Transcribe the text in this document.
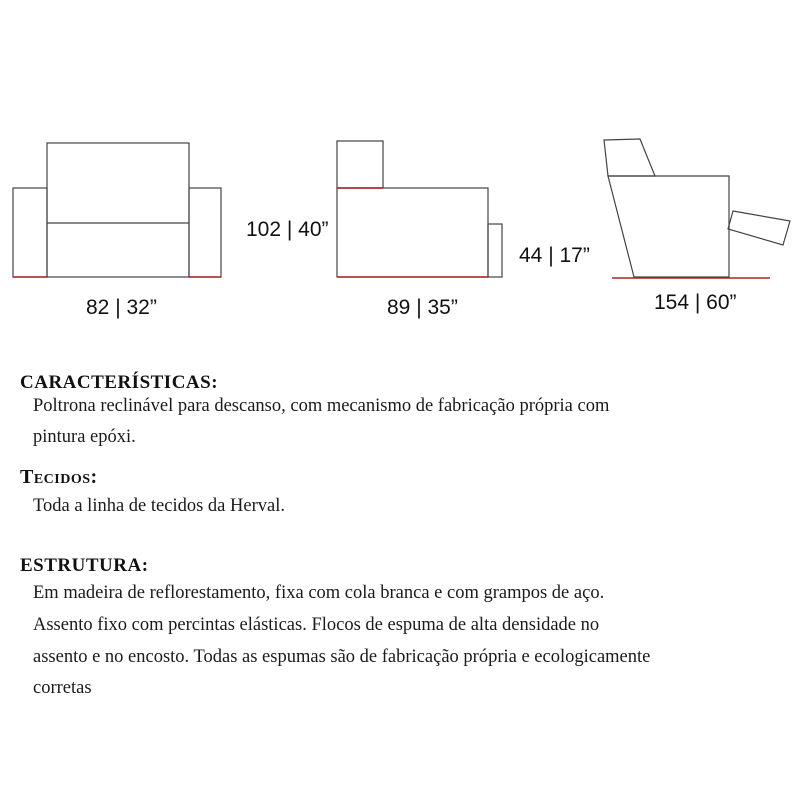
82 | 32”	89 | 35”
102 | 40”
44 | 17”
154 | 60”
CARACTERÍSTICAS:
Poltrona reclinável para descanso, com mecanismo de fabricação própria com
pintura epóxi.
Tecidos:
Toda a linha de tecidos da Herval.
ESTRUTURA:
Em madeira de reflorestamento, fixa com cola branca e com grampos de aço.
Assento fixo com percintas elásticas. Flocos de espuma de alta densidade no
assento e no encosto. Todas as espumas são de fabricação própria e ecologicamente
corretas
